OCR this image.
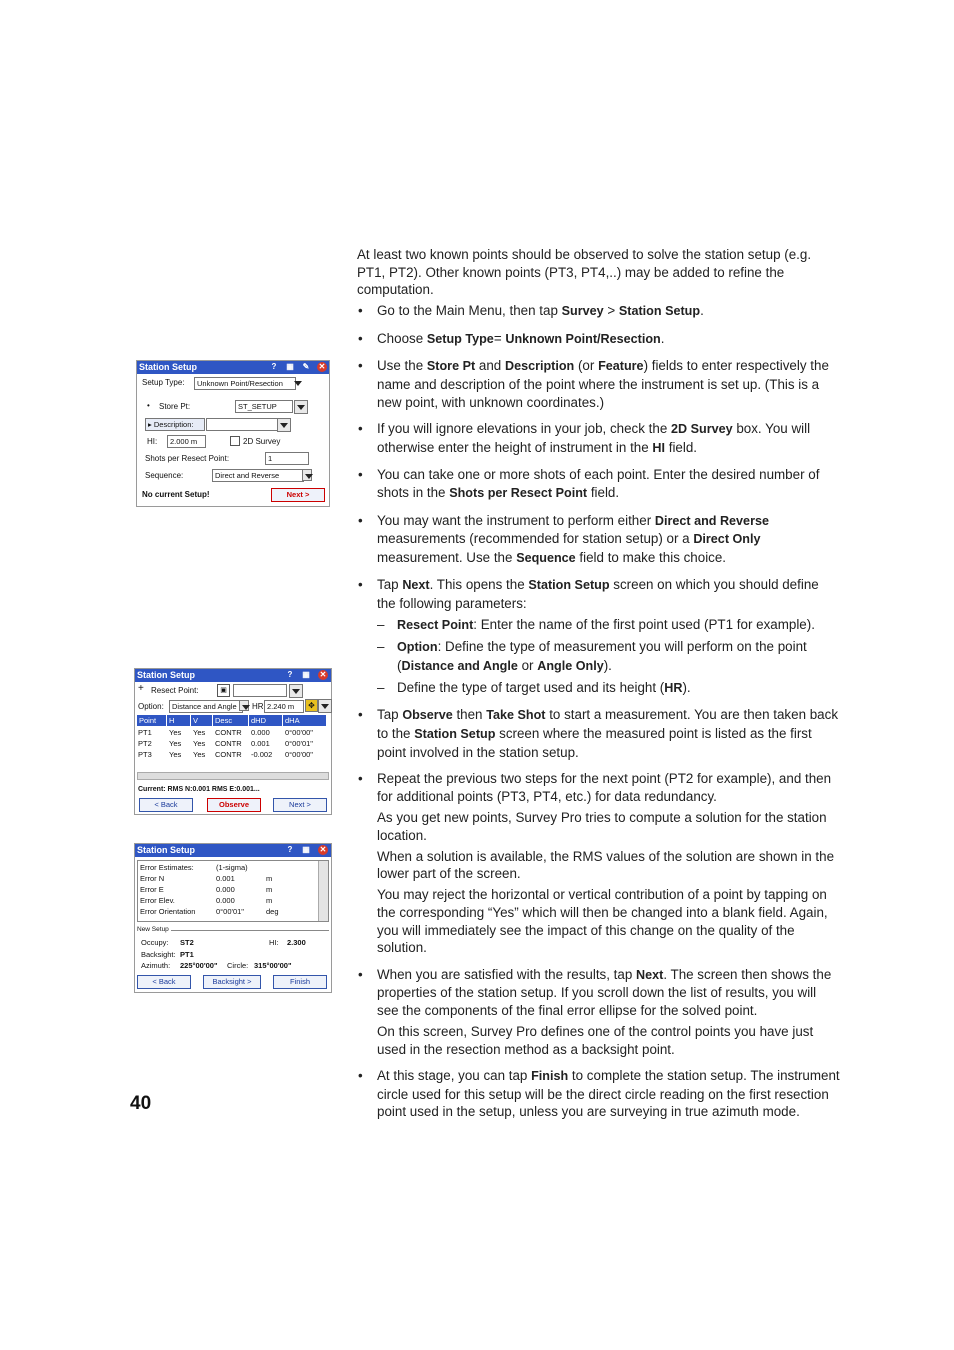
At least two known points should be observed to solve the station setup (e.g. PT1, PT2). Other known points (PT3, PT4,..) may be added to refine the computation.

• Go to the Main Menu, then tap Survey > Station Setup.

• Choose Setup Type= Unknown Point/Resection.

• Use the Store Pt and Description (or Feature) fields to enter respectively the name and description of the point where the instrument is set up. (This is a new point, with unknown coordinates.)

• If you will ignore elevations in your job, check the 2D Survey box. You will otherwise enter the height of instrument in the HI field.

• You can take one or more shots of each point. Enter the desired number of shots in the Shots per Resect Point field.

• You may want the instrument to perform either Direct and Reverse measurements (recommended for station setup) or a Direct Only measurement. Use the Sequence field to make this choice.

• Tap Next. This opens the Station Setup screen on which you should define the following parameters:

– Resect Point: Enter the name of the first point used (PT1 for example).

– Option: Define the type of measurement you will perform on the point (Distance and Angle or Angle Only).

– Define the type of target used and its height (HR).

• Tap Observe then Take Shot to start a measurement. You are then taken back to the Station Setup screen where the measured point is listed as the first point involved in the station setup.

• Repeat the previous two steps for the next point (PT2 for example), and then for additional points (PT3, PT4, etc.) for data redundancy.

As you get new points, Survey Pro tries to compute a solution for the station location.

When a solution is available, the RMS values of the solution are shown in the lower part of the screen.

You may reject the horizontal or vertical contribution of a point by tapping on the corresponding “Yes” which will then be changed into a blank field. Again, you will immediately see the impact of this change on the quality of the solution.

• When you are satisfied with the results, tap Next. The screen then shows the properties of the station setup. If you scroll down the list of results, you will see the components of the final error ellipse for the solved point.

On this screen, Survey Pro defines one of the control points you have just used in the resection method as a backsight point.

• At this stage, you can tap Finish to complete the station setup. The instrument circle used for this setup will be the direct circle reading on the first resection point used in the setup, unless you are surveying in true azimuth mode.

40
Station Setup	?	▦ ✎ ✕
Setup Type:	Unknown Point/Resection
• Store Pt:	ST_SETUP
▸ Description:
HI:	2.000 m	2D Survey
Shots per Resect Point:	1
Sequence:	Direct and Reverse
No current Setup!	Next >
Station Setup	?	▦ ✕
+ Resect Point:	▣
Option:	Distance and Angle	HR 2.240 m	✥
Point	H	V	Desc	dHD	dHA
PT1 Yes Yes CONTR 0.000 0°00'00"
PT2 Yes Yes CONTR 0.001 0°00'01"
PT3 Yes Yes CONTR -0.002 0°00'00"
Current: RMS N:0.001 RMS E:0.001...
< Back	Observe	Next >
Station Setup	?	▦ ✕
Error Estimates:	(1-sigma)
Error N	0.001	m
Error E	0.000	m
Error Elev.	0.000	m
Error Orientation	0°00'01"	deg
New Setup
Occupy: ST2	HI: 2.300
Backsight: PT1
Azimuth: 225°00'00" Circle: 315°00'00"
< Back	Backsight >	Finish
